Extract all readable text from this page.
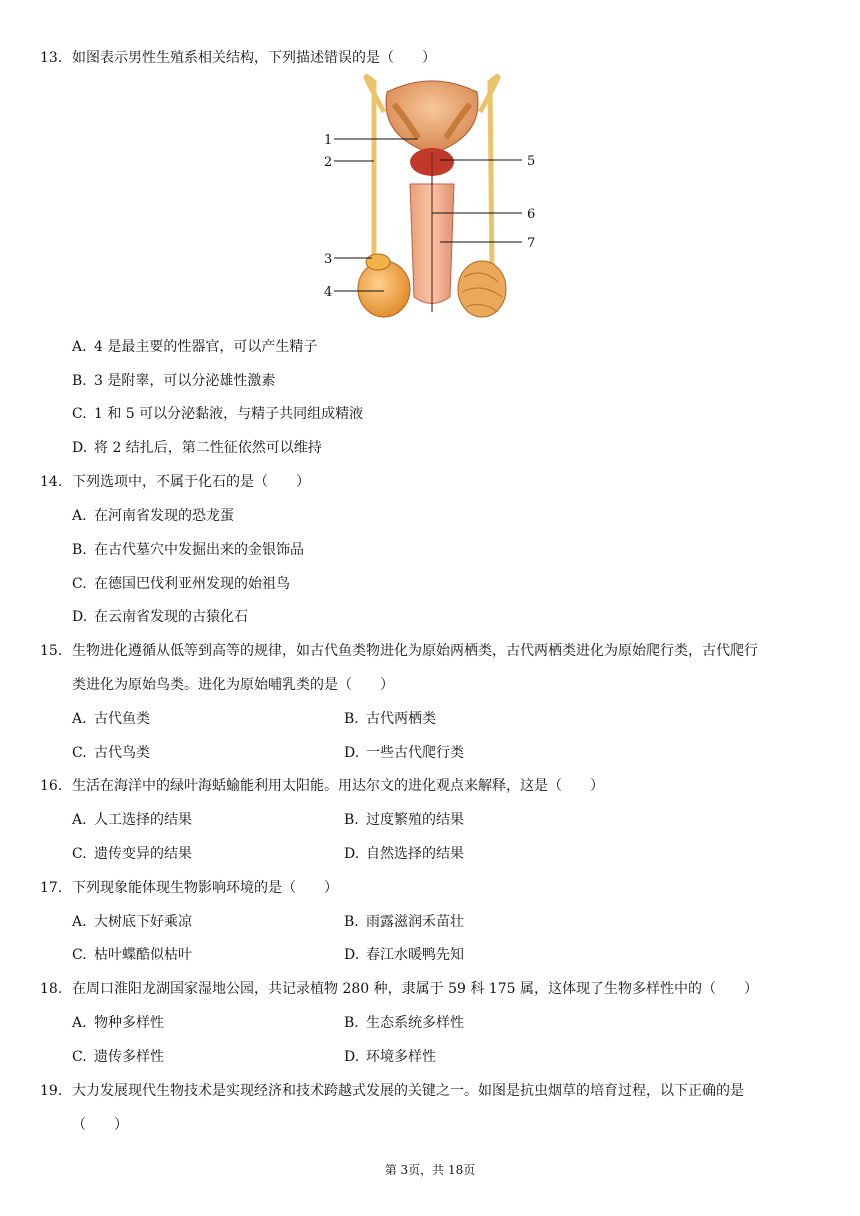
13. 如图表示男性生殖系相关结构，下列描述错误的是（　　）
1
2
3
4
5
6
7
A. 4 是最主要的性器官，可以产生精子
B. 3 是附睾，可以分泌雄性激素
C. 1 和 5 可以分泌黏液，与精子共同组成精液
D. 将 2 结扎后，第二性征依然可以维持
14. 下列选项中，不属于化石的是（　　）
A. 在河南省发现的恐龙蛋
B. 在古代墓穴中发掘出来的金银饰品
C. 在德国巴伐利亚州发现的始祖鸟
D. 在云南省发现的古猿化石
15. 生物进化遵循从低等到高等的规律，如古代鱼类物进化为原始两栖类，古代两栖类进化为原始爬行类，古代爬行
类进化为原始鸟类。进化为原始哺乳类的是（　　）
A. 古代鱼类	B. 古代两栖类
C. 古代鸟类	D. 一些古代爬行类
16. 生活在海洋中的绿叶海蛞蝓能利用太阳能。用达尔文的进化观点来解释，这是（　　）
A. 人工选择的结果	B. 过度繁殖的结果
C. 遗传变异的结果	D. 自然选择的结果
17. 下列现象能体现生物影响环境的是（　　）
A. 大树底下好乘凉	B. 雨露滋润禾苗壮
C. 枯叶蝶酷似枯叶	D. 春江水暖鸭先知
18. 在周口淮阳龙湖国家湿地公园，共记录植物 280 种，隶属于 59 科 175 属，这体现了生物多样性中的（　　）
A. 物种多样性	B. 生态系统多样性
C. 遗传多样性	D. 环境多样性
19. 大力发展现代生物技术是实现经济和技术跨越式发展的关键之一。如图是抗虫烟草的培育过程，以下正确的是
（　　）
第 3页，共 18页
